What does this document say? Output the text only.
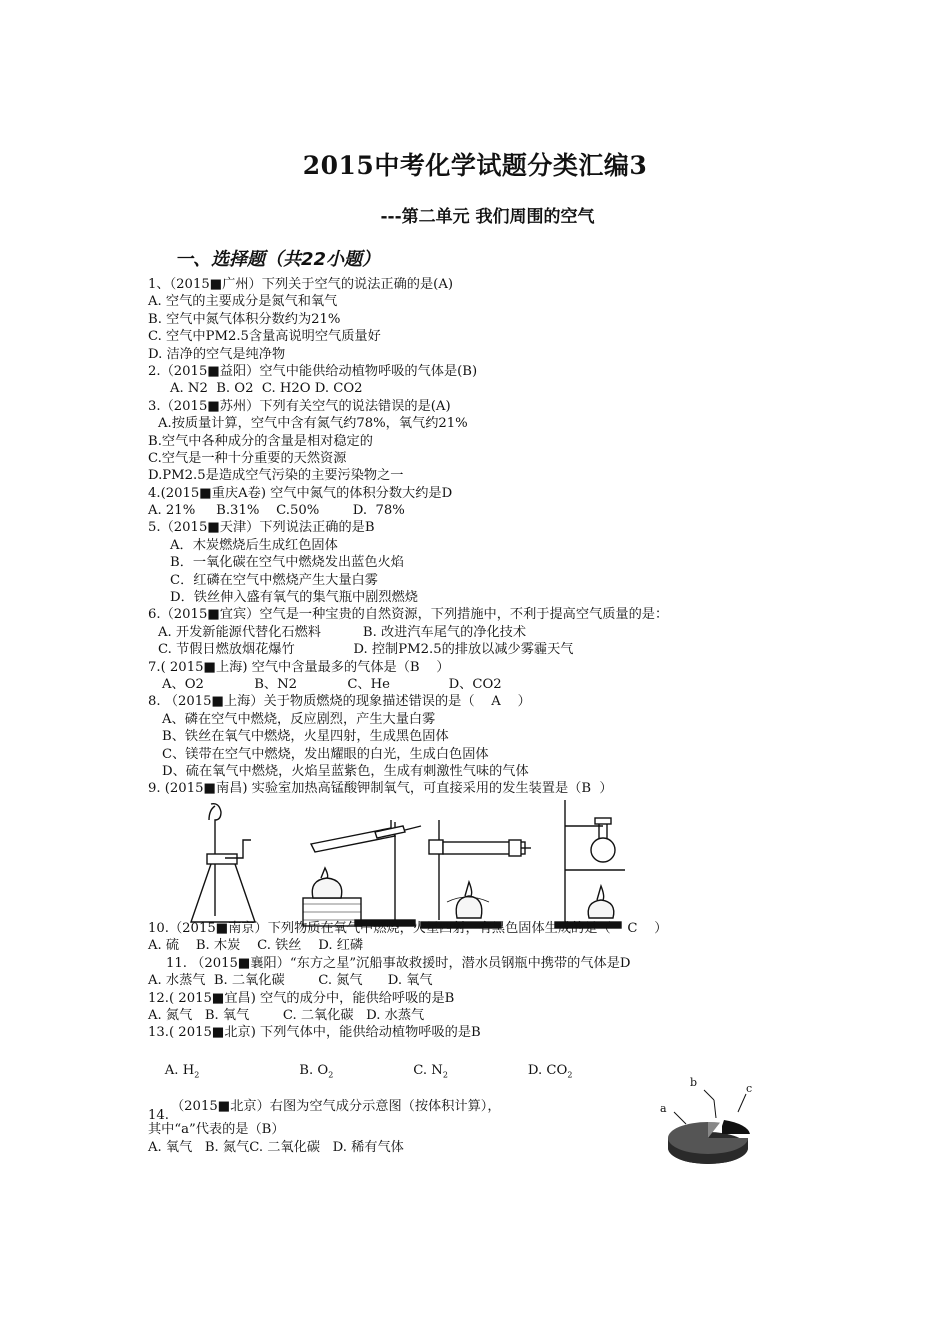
2015中考化学试题分类汇编3
---第二单元 我们周围的空气
一、选择题（共22小题）
1、（2015■广州）下列关于空气的说法正确的是(A)
A. 空气的主要成分是氮气和氧气
B. 空气中氮气体积分数约为21%
C. 空气中PM2.5含量高说明空气质量好
D. 洁净的空气是纯净物
2.（2015■益阳）空气中能供给动植物呼吸的气体是(B)
A. N2  B. O2  C. H2O D. CO2
3.（2015■苏州）下列有关空气的说法错误的是(A)
A.按质量计算，空气中含有氮气约78%，氧气约21%
B.空气中各种成分的含量是相对稳定的
C.空气是一种十分重要的天然资源
D.PM2.5是造成空气污染的主要污染物之一
4.(2015■重庆A卷) 空气中氮气的体积分数大约是D
A. 21%     B.31%    C.50%        D.  78%
5.（2015■天津）下列说法正确的是B
A．木炭燃烧后生成红色固体
B．一氧化碳在空气中燃烧发出蓝色火焰
C．红磷在空气中燃烧产生大量白雾
D．铁丝伸入盛有氧气的集气瓶中剧烈燃烧
6.（2015■宜宾）空气是一种宝贵的自然资源，下列措施中，不利于提高空气质量的是：
A. 开发新能源代替化石燃料          B. 改进汽车尾气的净化技术
C. 节假日燃放烟花爆竹              D. 控制PM2.5的排放以减少雾霾天气
7.( 2015■上海) 空气中含量最多的气体是（B    ）
A、O2            B、N2            C、He              D、CO2
8. （2015■上海）关于物质燃烧的现象描述错误的是（    A    ）
A、磷在空气中燃烧，反应剧烈，产生大量白雾
B、铁丝在氧气中燃烧，火星四射，生成黑色固体
C、镁带在空气中燃烧，发出耀眼的白光，生成白色固体
D、硫在氧气中燃烧，火焰呈蓝紫色，生成有刺激性气味的气体
9. (2015■南昌) 实验室加热高锰酸钾制氧气，可直接采用的发生装置是（B  ）
10.（2015■南京）下列物质在氧气中燃烧，火星四射，有黑色固体生成的是（    C    ）
A. 硫    B. 木炭    C. 铁丝    D. 红磷
11. （2015■襄阳）“东方之星”沉船事故救援时，潜水员钢瓶中携带的气体是D
A. 水蒸气  B. 二氧化碳        C. 氮气      D. 氧气
12.( 2015■宜昌) 空气的成分中，能供给呼吸的是B
A. 氮气   B. 氧气        C. 二氧化碳   D. 水蒸气
13.( 2015■北京) 下列气体中，能供给动植物呼吸的是B

A. $H_2$	B. $O_2$	C. $N_2$	D. $CO_2$

14.（2015■北京）右图为空气成分示意图（按体积计算），
其中“a”代表的是（B）
A. 氧气   B. 氮气C. 二氧化碳   D. 稀有气体
a
b	c
